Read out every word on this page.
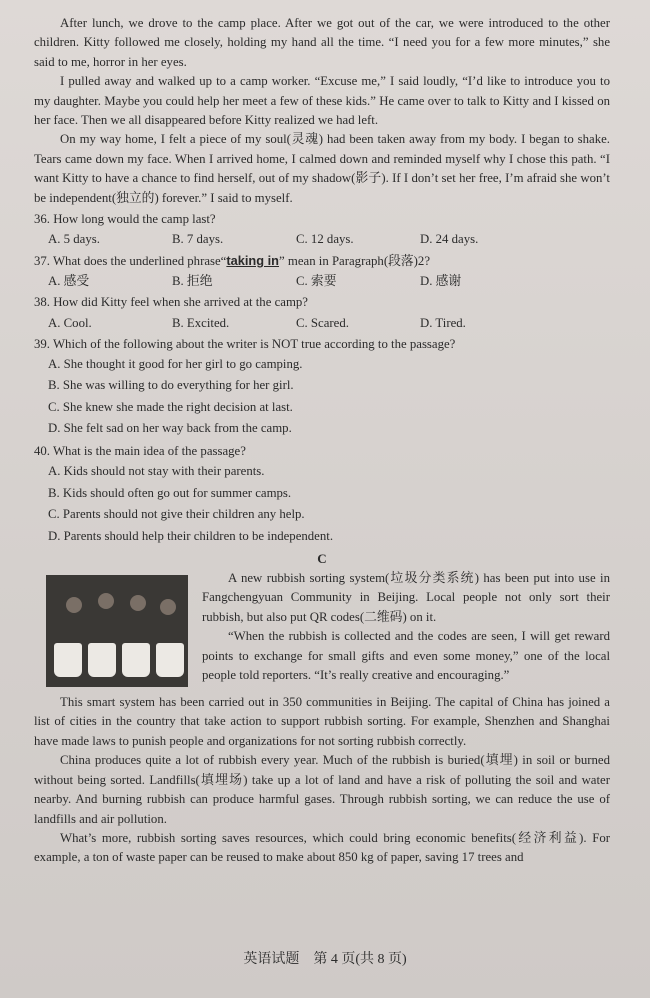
After lunch, we drove to the camp place. After we got out of the car, we were introduced to the other children. Kitty followed me closely, holding my hand all the time. “I need you for a few more minutes,” she said to me, horror in her eyes.

I pulled away and walked up to a camp worker. “Excuse me,” I said loudly, “I’d like to introduce you to my daughter. Maybe you could help her meet a few of these kids.” He came over to talk to Kitty and I kissed on her face. Then we all disappeared before Kitty realized we had left.

On my way home, I felt a piece of my soul(灵魂) had been taken away from my body. I began to shake. Tears came down my face. When I arrived home, I calmed down and reminded myself why I chose this path. “I want Kitty to have a chance to find herself, out of my shadow(影子). If I don’t set her free, I’m afraid she won’t be independent(独立的) forever.” I said to myself.

36. How long would the camp last?
A. 5 days.	B. 7 days.	C. 12 days.	D. 24 days.
37. What does the underlined phrase“taking in” mean in Paragraph(段落)2?
A. 感受	B. 拒绝	C. 索要	D. 感谢
38. How did Kitty feel when she arrived at the camp?
A. Cool.	B. Excited.	C. Scared.	D. Tired.
39. Which of the following about the writer is NOT true according to the passage?
A. She thought it good for her girl to go camping.
B. She was willing to do everything for her girl.
C. She knew she made the right decision at last.
D. She felt sad on her way back from the camp.
40. What is the main idea of the passage?
A. Kids should not stay with their parents.
B. Kids should often go out for summer camps.
C. Parents should not give their children any help.
D. Parents should help their children to be independent.
C

A new rubbish sorting system(垃圾分类系统) has been put into use in Fangchengyuan Community in Beijing. Local people not only sort their rubbish, but also put QR codes(二维码) on it.

“When the rubbish is collected and the codes are seen, I will get reward points to exchange for small gifts and even some money,” one of the local people told reporters. “It’s really creative and encouraging.”

This smart system has been carried out in 350 communities in Beijing. The capital of China has joined a list of cities in the country that take action to support rubbish sorting. For example, Shenzhen and Shanghai have made laws to punish people and organizations for not sorting rubbish correctly.

China produces quite a lot of rubbish every year. Much of the rubbish is buried(填埋) in soil or burned without being sorted. Landfills(填埋场) take up a lot of land and have a risk of polluting the soil and water nearby. And burning rubbish can produce harmful gases. Through rubbish sorting, we can reduce the use of landfills and air pollution.

What’s more, rubbish sorting saves resources, which could bring economic benefits(经济利益). For example, a ton of waste paper can be reused to make about 850 kg of paper, saving 17 trees and

英语试题　第 4 页(共 8 页)
